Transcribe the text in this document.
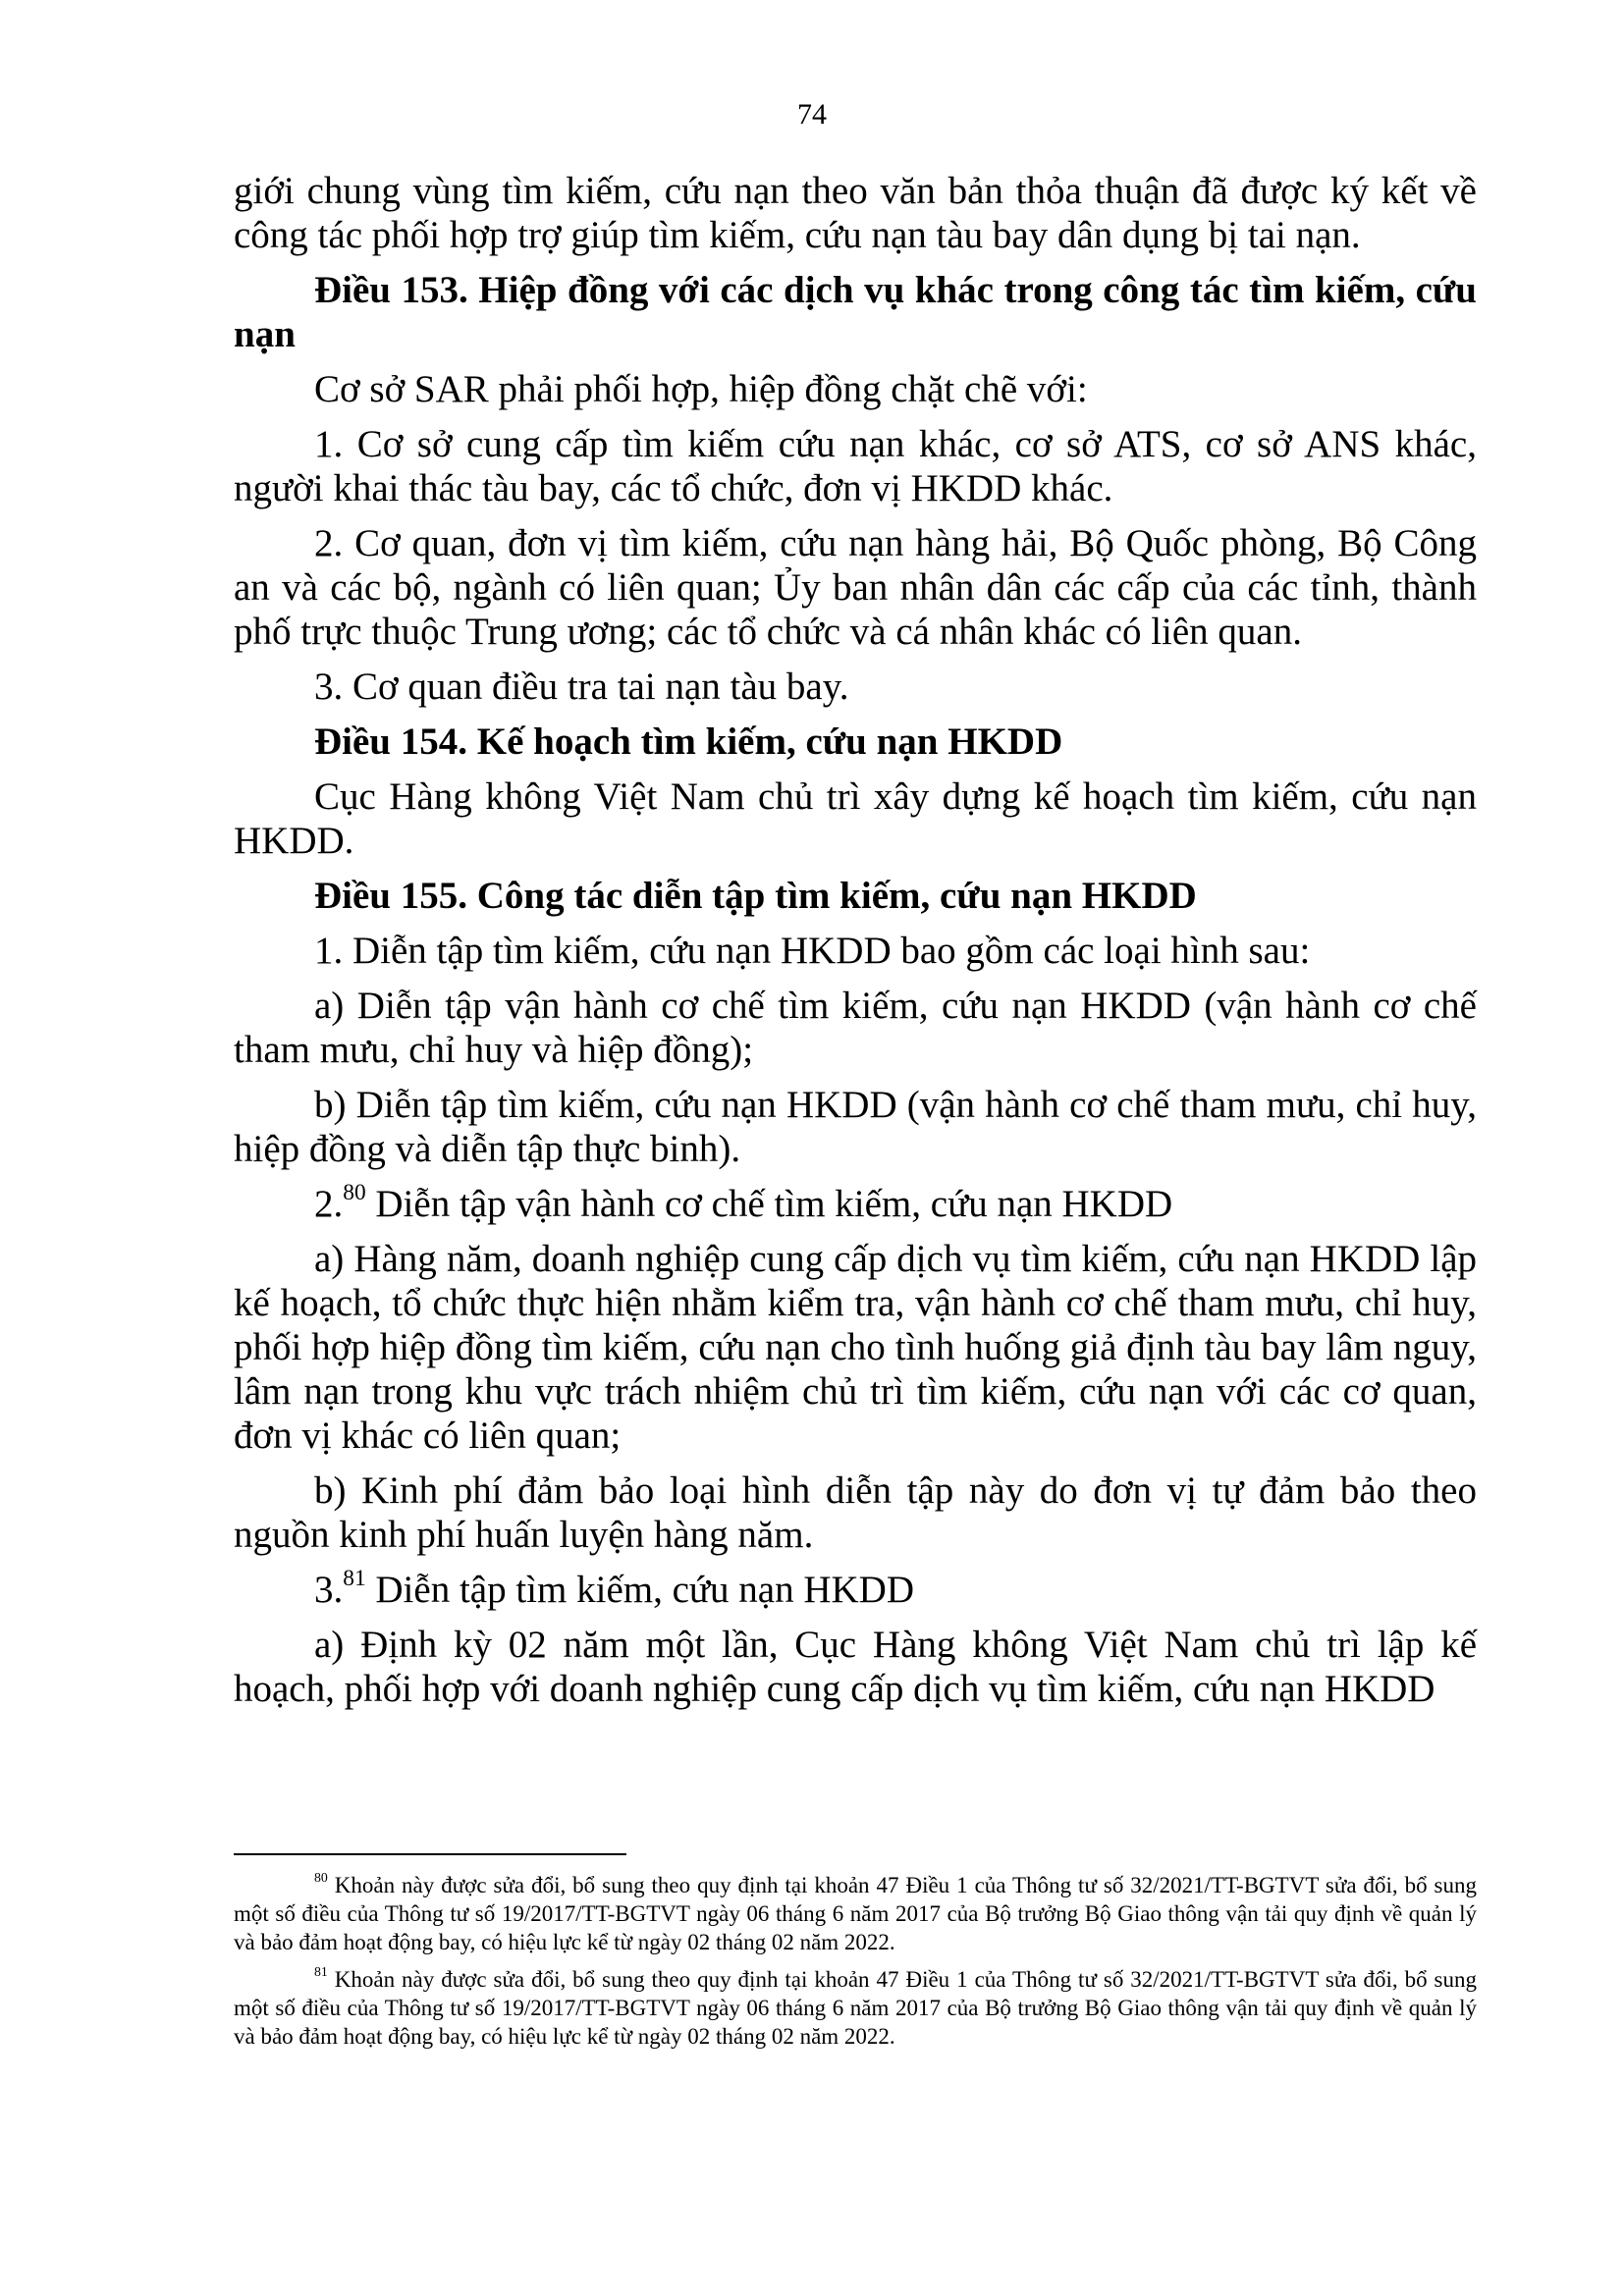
74

giới chung vùng tìm kiếm, cứu nạn theo văn bản thỏa thuận đã được ký kết về công tác phối hợp trợ giúp tìm kiếm, cứu nạn tàu bay dân dụng bị tai nạn.

Điều 153. Hiệp đồng với các dịch vụ khác trong công tác tìm kiếm, cứu nạn

Cơ sở SAR phải phối hợp, hiệp đồng chặt chẽ với:

1. Cơ sở cung cấp tìm kiếm cứu nạn khác, cơ sở ATS, cơ sở ANS khác, người khai thác tàu bay, các tổ chức, đơn vị HKDD khác.

2. Cơ quan, đơn vị tìm kiếm, cứu nạn hàng hải, Bộ Quốc phòng, Bộ Công an và các bộ, ngành có liên quan; Ủy ban nhân dân các cấp của các tỉnh, thành phố trực thuộc Trung ương; các tổ chức và cá nhân khác có liên quan.

3. Cơ quan điều tra tai nạn tàu bay.

Điều 154. Kế hoạch tìm kiếm, cứu nạn HKDD

Cục Hàng không Việt Nam chủ trì xây dựng kế hoạch tìm kiếm, cứu nạn HKDD.

Điều 155. Công tác diễn tập tìm kiếm, cứu nạn HKDD

1. Diễn tập tìm kiếm, cứu nạn HKDD bao gồm các loại hình sau:

a) Diễn tập vận hành cơ chế tìm kiếm, cứu nạn HKDD (vận hành cơ chế tham mưu, chỉ huy và hiệp đồng);

b) Diễn tập tìm kiếm, cứu nạn HKDD (vận hành cơ chế tham mưu, chỉ huy, hiệp đồng và diễn tập thực binh).

2.80 Diễn tập vận hành cơ chế tìm kiếm, cứu nạn HKDD

a) Hàng năm, doanh nghiệp cung cấp dịch vụ tìm kiếm, cứu nạn HKDD lập kế hoạch, tổ chức thực hiện nhằm kiểm tra, vận hành cơ chế tham mưu, chỉ huy, phối hợp hiệp đồng tìm kiếm, cứu nạn cho tình huống giả định tàu bay lâm nguy, lâm nạn trong khu vực trách nhiệm chủ trì tìm kiếm, cứu nạn với các cơ quan, đơn vị khác có liên quan;

b) Kinh phí đảm bảo loại hình diễn tập này do đơn vị tự đảm bảo theo nguồn kinh phí huấn luyện hàng năm.

3.81 Diễn tập tìm kiếm, cứu nạn HKDD

a) Định kỳ 02 năm một lần, Cục Hàng không Việt Nam chủ trì lập kế hoạch, phối hợp với doanh nghiệp cung cấp dịch vụ tìm kiếm, cứu nạn HKDD

$^{80}$ Khoản này được sửa đổi, bổ sung theo quy định tại khoản 47 Điều 1 của Thông tư số 32/2021/TT-BGTVT sửa đổi, bổ sung một số điều của Thông tư số 19/2017/TT-BGTVT ngày 06 tháng 6 năm 2017 của Bộ trưởng Bộ Giao thông vận tải quy định về quản lý và bảo đảm hoạt động bay, có hiệu lực kể từ ngày 02 tháng 02 năm 2022.

$^{81}$ Khoản này được sửa đổi, bổ sung theo quy định tại khoản 47 Điều 1 của Thông tư số 32/2021/TT-BGTVT sửa đổi, bổ sung một số điều của Thông tư số 19/2017/TT-BGTVT ngày 06 tháng 6 năm 2017 của Bộ trưởng Bộ Giao thông vận tải quy định về quản lý và bảo đảm hoạt động bay, có hiệu lực kể từ ngày 02 tháng 02 năm 2022.
